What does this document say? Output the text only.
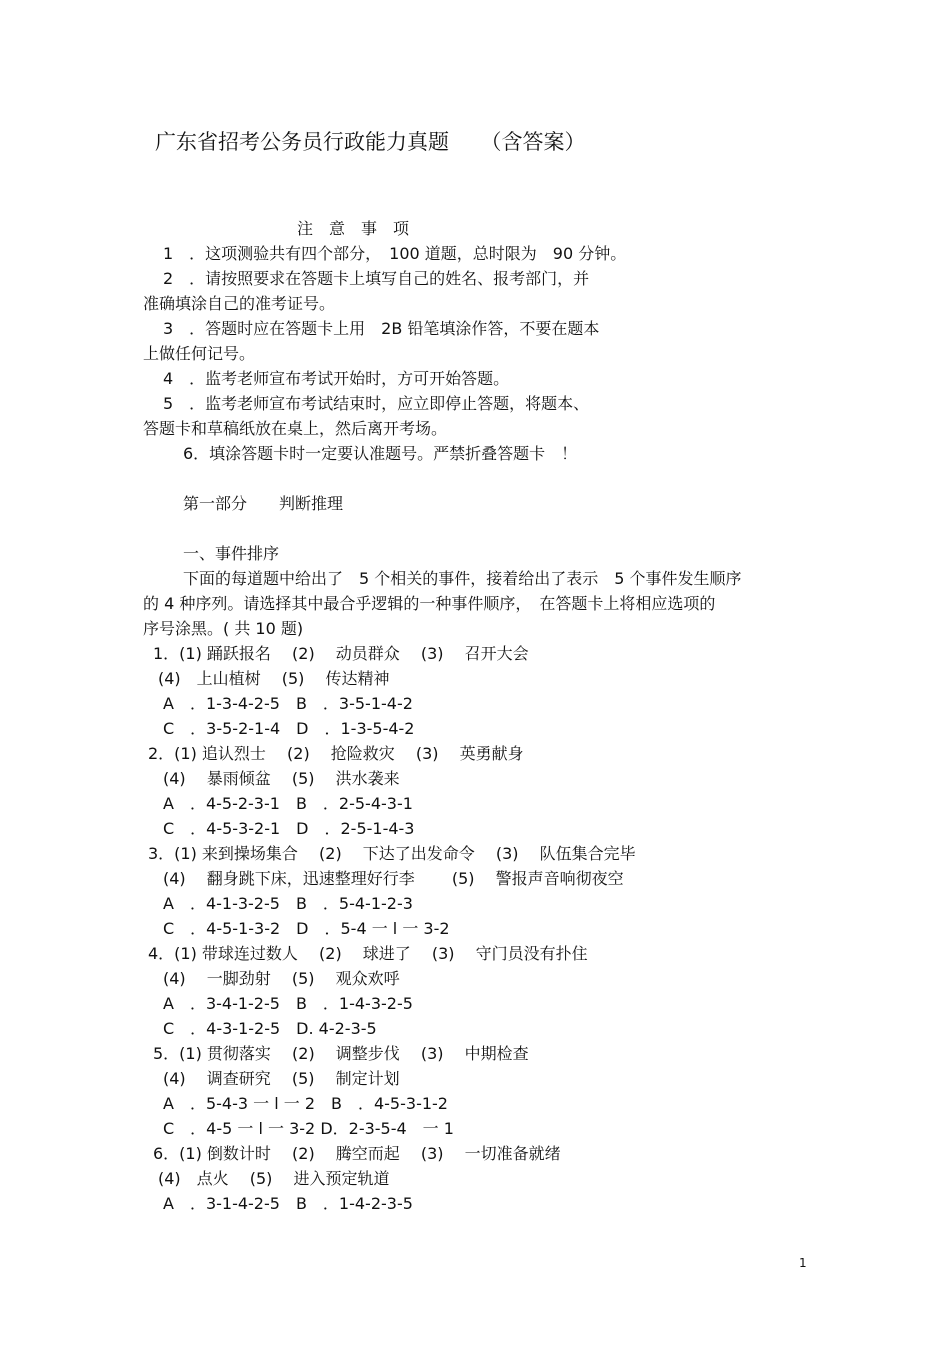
广东省招考公务员行政能力真题　　（含答案）
注　意　事　项
1　．这项测验共有四个部分，　100 道题，总时限为　90 分钟。
2　．请按照要求在答题卡上填写自己的姓名、报考部门，并
准确填涂自己的准考证号。
3　．答题时应在答题卡上用　2B 铅笔填涂作答，不要在题本
上做任何记号。
4　．监考老师宣布考试开始时，方可开始答题。
5　．监考老师宣布考试结束时，应立即停止答题，将题本、
答题卡和草稿纸放在桌上，然后离开考场。
6．填涂答题卡时一定要认准题号。严禁折叠答题卡　！
第一部分　　判断推理
一、事件排序
下面的每道题中给出了　5 个相关的事件，接着给出了表示　5 个事件发生顺序
的 4 种序列。请选择其中最合乎逻辑的一种事件顺序，　在答题卡上将相应选项的
序号涂黑。( 共 10 题)
1．(1) 踊跃报名　 (2)　 动员群众　 (3)　 召开大会
(4)　上山植树　 (5)　 传达精神
A　．1-3-4-2-5　B　．3-5-1-4-2
C　．3-5-2-1-4　D　．1-3-5-4-2
2．(1) 追认烈士　 (2)　 抢险救灾　 (3)　 英勇献身
(4)　 暴雨倾盆　 (5)　 洪水袭来
A　．4-5-2-3-1　B　．2-5-4-3-1
C　．4-5-3-2-1　D　．2-5-1-4-3
3．(1) 来到操场集合　 (2)　 下达了出发命令　 (3)　 队伍集合完毕
(4)　 翻身跳下床，迅速整理好行李　　 (5)　 警报声音响彻夜空
A　．4-1-3-2-5　B　．5-4-1-2-3
C　．4-5-1-3-2　D　．5-4 一 l 一 3-2
4．(1) 带球连过数人　 (2)　 球进了　 (3)　 守门员没有扑住
(4)　 一脚劲射　 (5)　 观众欢呼
A　．3-4-1-2-5　B　．1-4-3-2-5
C　．4-3-1-2-5　D. 4-2-3-5
5．(1) 贯彻落实　 (2)　 调整步伐　 (3)　 中期检查
(4)　 调查研究　 (5)　 制定计划
A　．5-4-3 一 l 一 2　B　．4-5-3-1-2
C　．4-5 一 l 一 3-2 D．2-3-5-4　一 1
6．(1) 倒数计时　 (2)　 腾空而起　 (3)　 一切准备就绪
(4)　点火　 (5)　 进入预定轨道
A　．3-1-4-2-5　B　．1-4-2-3-5
1
